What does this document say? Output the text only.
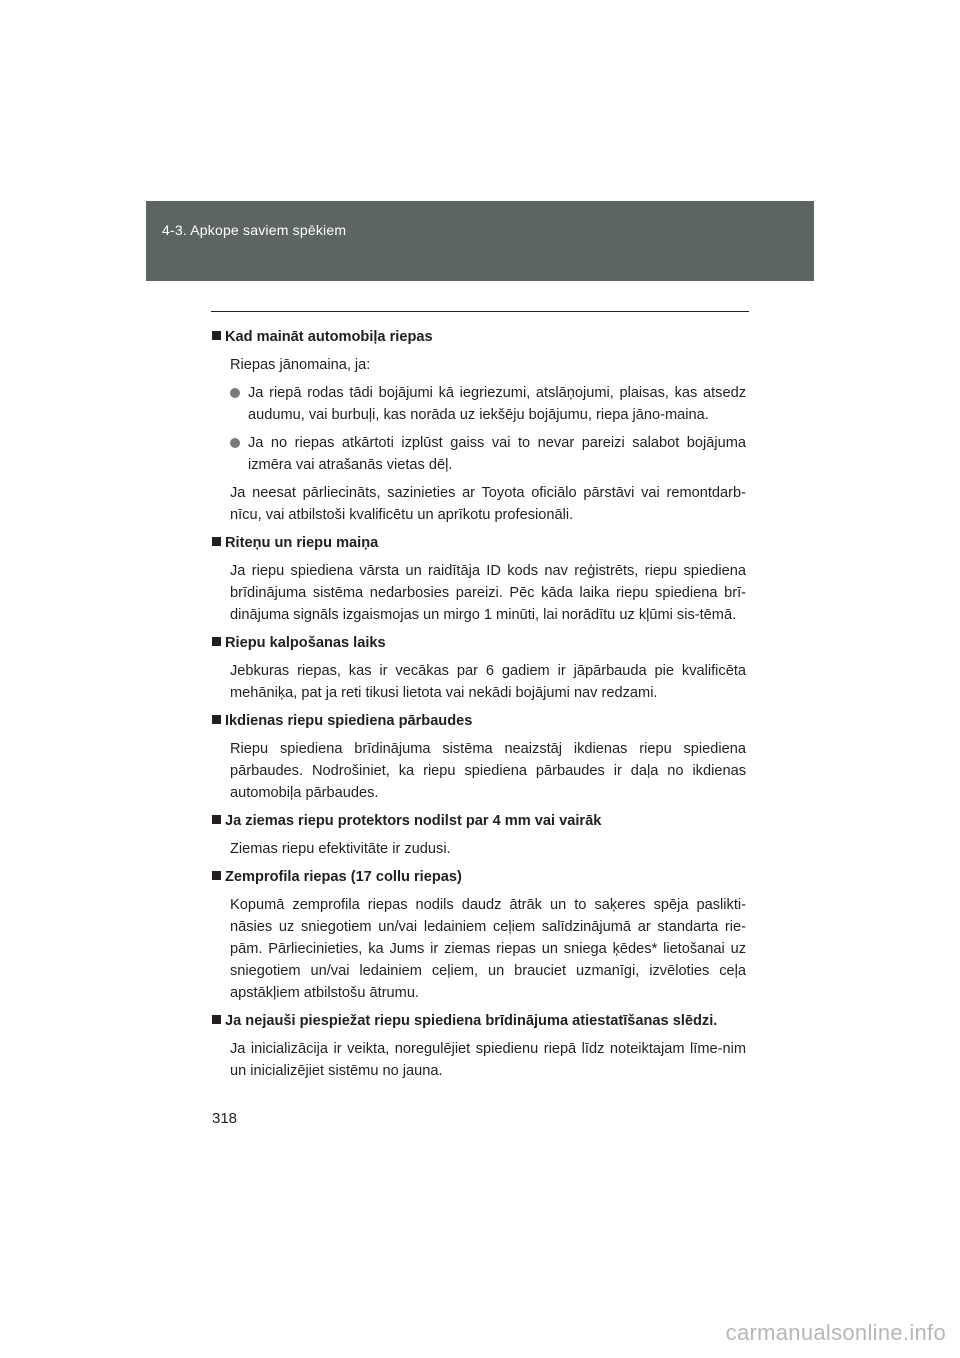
4-3. Apkope saviem spēkiem
Kad maināt automobiļa riepas

Riepas jānomaina, ja:

Ja riepā rodas tādi bojājumi kā iegriezumi, atslāņojumi, plaisas, kas atsedz audumu, vai burbuļi, kas norāda uz iekšēju bojājumu, riepa jāno-maina.
Ja no riepas atkārtoti izplūst gaiss vai to nevar pareizi salabot bojājuma izmēra vai atrašanās vietas dēļ.

Ja neesat pārliecināts, sazinieties ar Toyota oficiālo pārstāvi vai remontdarb-nīcu, vai atbilstoši kvalificētu un aprīkotu profesionāli.

Riteņu un riepu maiņa

Ja riepu spiediena vārsta un raidītāja ID kods nav reģistrēts, riepu spiediena brīdinājuma sistēma nedarbosies pareizi. Pēc kāda laika riepu spiediena brī-dinājuma signāls izgaismojas un mirgo 1 minūti, lai norādītu uz kļūmi sis-tēmā.

Riepu kalpošanas laiks

Jebkuras riepas, kas ir vecākas par 6 gadiem ir jāpārbauda pie kvalificēta mehāniķa, pat ja reti tikusi lietota vai nekādi bojājumi nav redzami.

Ikdienas riepu spiediena pārbaudes

Riepu spiediena brīdinājuma sistēma neaizstāj ikdienas riepu spiediena pārbaudes. Nodrošiniet, ka riepu spiediena pārbaudes ir daļa no ikdienas automobiļa pārbaudes.

Ja ziemas riepu protektors nodilst par 4 mm vai vairāk

Ziemas riepu efektivitāte ir zudusi.

Zemprofila riepas (17 collu riepas)

Kopumā zemprofila riepas nodils daudz ātrāk un to saķeres spēja paslikti-nāsies uz sniegotiem un/vai ledainiem ceļiem salīdzinājumā ar standarta rie-pām. Pārliecinieties, ka Jums ir ziemas riepas un sniega ķēdes* lietošanai uz sniegotiem un/vai ledainiem ceļiem, un brauciet uzmanīgi, izvēloties ceļa apstākļiem atbilstošu ātrumu.

Ja nejauši piespiežat riepu spiediena brīdinājuma atiestatīšanas slēdzi.

Ja inicializācija ir veikta, noregulējiet spiedienu riepā līdz noteiktajam līme-nim un inicializējiet sistēmu no jauna.

318
carmanualsonline.info
